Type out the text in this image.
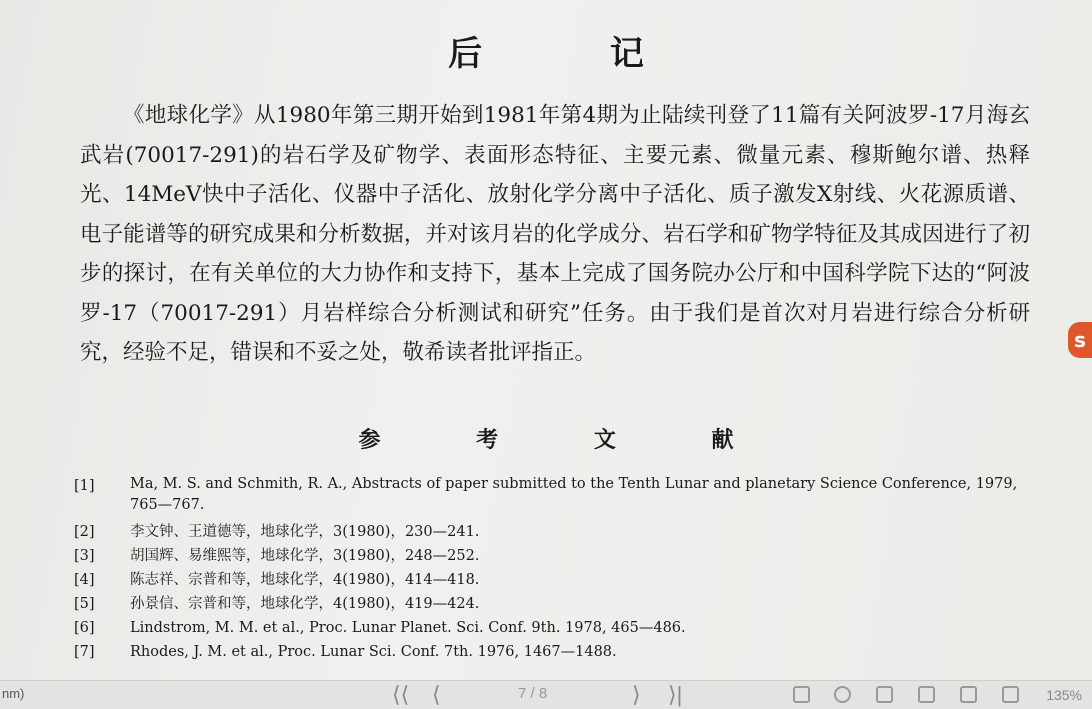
后 记

《地球化学》从1980年第三期开始到1981年第4期为止陆续刊登了11篇有关阿波罗-17月海玄武岩(70017-291)的岩石学及矿物学、表面形态特征、主要元素、微量元素、穆斯鲍尔谱、热释光、14MeV快中子活化、仪器中子活化、放射化学分离中子活化、质子激发X射线、火花源质谱、电子能谱等的研究成果和分析数据，并对该月岩的化学成分、岩石学和矿物学特征及其成因进行了初步的探讨，在有关单位的大力协作和支持下，基本上完成了国务院办公厅和中国科学院下达的“阿波罗-17（70017-291）月岩样综合分析测试和研究”任务。由于我们是首次对月岩进行综合分析研究，经验不足，错误和不妥之处，敬希读者批评指正。

参 考 文 献
[1]	Ma, M. S. and Schmith, R. A., Abstracts of paper submitted to the Tenth Lunar and planetary Science Conference, 1979, 765—767.
[2]	李文钟、王道德等，地球化学，3(1980)，230—241.
[3]	胡国辉、易维熙等，地球化学，3(1980)，248—252.
[4]	陈志祥、宗普和等，地球化学，4(1980)，414—418.
[5]	孙景信、宗普和等，地球化学，4(1980)，419—424.
[6]	Lindstrom, M. M. et al., Proc. Lunar Planet. Sci. Conf. 9th. 1978, 465—486.
[7]	Rhodes, J. M. et al., Proc. Lunar Sci. Conf. 7th. 1976, 1467—1488.
s
nm)	⟨⟨ ⟨	7 / 8	⟩ ⟩|	135%
